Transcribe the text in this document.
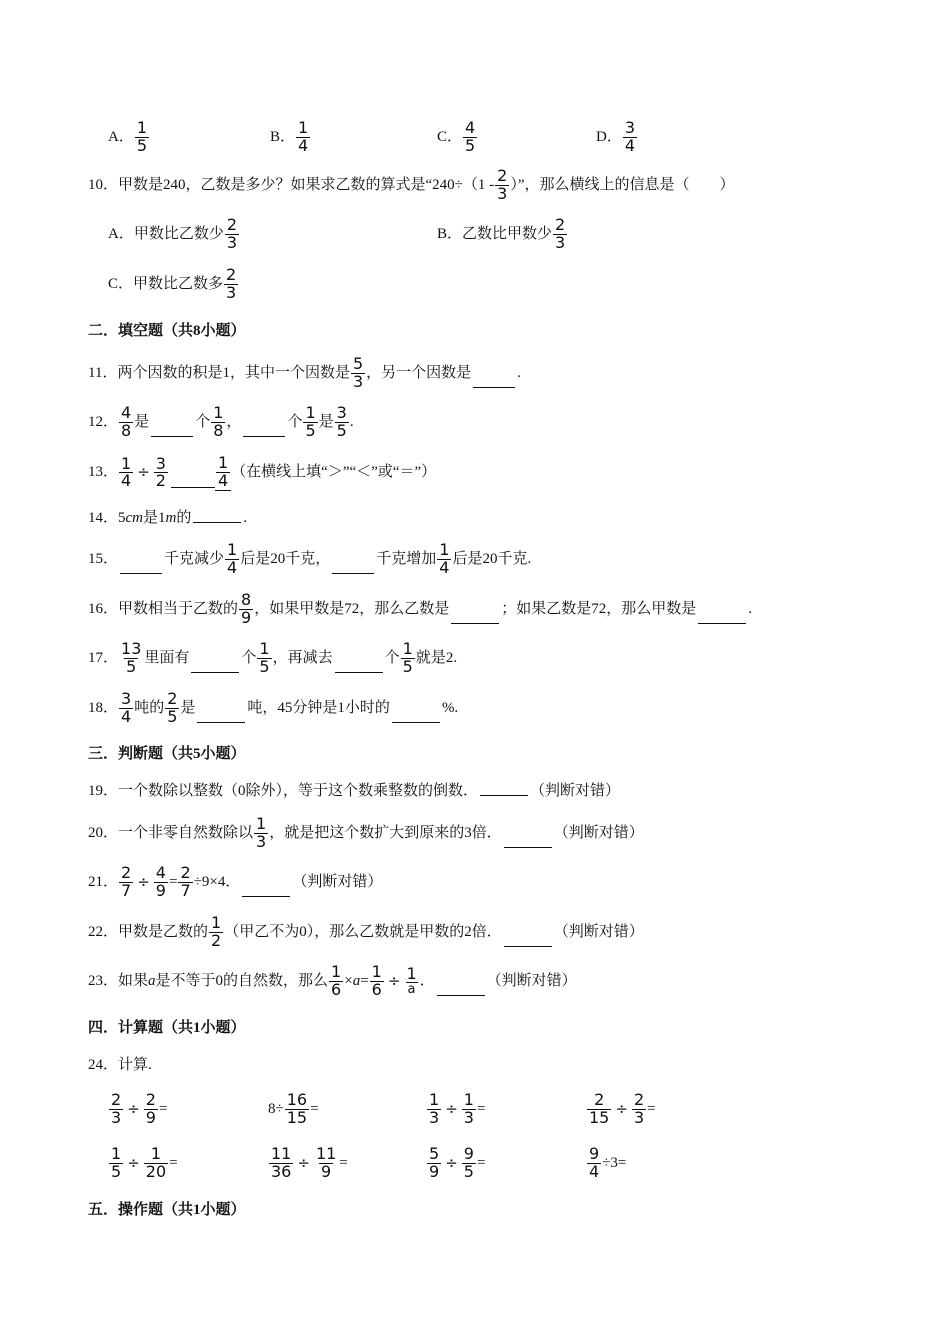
A． $\frac{1}{5}$	B． $\frac{1}{4}$	C． $\frac{4}{5}$	D． $\frac{3}{4}$
10． 甲数是240，乙数是多少？如果求乙数的算式是“$240\div(1 - \frac{2}{3}$ ）”，那么横线上的信息是（　　）
A．甲数比乙数少 $\frac{2}{3}$	B．乙数比甲数少 $\frac{2}{3}$
C．甲数比乙数多 $\frac{2}{3}$
二．填空题（共8小题）
11． 两个因数的积是1，其中一个因数是 $\frac{5}{3}$ ，另一个因数是	.
12． $\frac{4}{8}$ 是	个 $\frac{1}{8}$ ，	个 $\frac{1}{5}$ 是 $\frac{3}{5}$ .
13． $\frac{1}{4} \div \frac{3}{2}$	$\frac{1}{4}$ （在横线上填“＞”“＜”或“＝”）
14． 5 cm 是1 m 的	.
15．	千克减少 $\frac{1}{4}$ 后是20千克，	千克增加 $\frac{1}{4}$ 后是20千克.
16． 甲数相当于乙数的 $\frac{8}{9}$ ，如果甲数是72，那么乙数是	；如果乙数是72，那么甲数是	.
17． $\frac{13}{5}$ 里面有	个 $\frac{1}{5}$ ，再减去	个 $\frac{1}{5}$ 就是2.
18． $\frac{3}{4}$ 吨的 $\frac{2}{5}$ 是	吨，45分钟是1小时的	%.
三．判断题（共5小题）
19． 一个数除以整数（0除外），等于这个数乘整数的倒数．	（判断对错）
20． 一个非零自然数除以 $\frac{1}{3}$ ，就是把这个数扩大到原来的3倍．	（判断对错）
21． $\frac{2}{7} \div \frac{4}{9} = \frac{2}{7} \div 9\times 4$．	（判断对错）
22． 甲数是乙数的 $\frac{1}{2}$ （甲乙不为0），那么乙数就是甲数的2倍．	（判断对错）
23． 如果 a 是不等于0的自然数，那么 $\frac{1}{6} \times a = \frac{1}{6} \div 1$
a
．	（判断对错）
四．计算题（共1小题）
24． 计算.
$\frac{2}{3} \div \frac{2}{9}$ =	$8\div \frac{16}{15}$ =	$\frac{1}{3} \div \frac{1}{3}$ =	$\frac{2}{15} \div \frac{2}{3}$ =
$\frac{1}{5} \div \frac{1}{20}$ =	$\frac{11}{36} \div \frac{11}{9}$ =	$\frac{5}{9} \div \frac{9}{5}$ =	$\frac{9}{4} \div 3=$
五．操作题（共1小题）
